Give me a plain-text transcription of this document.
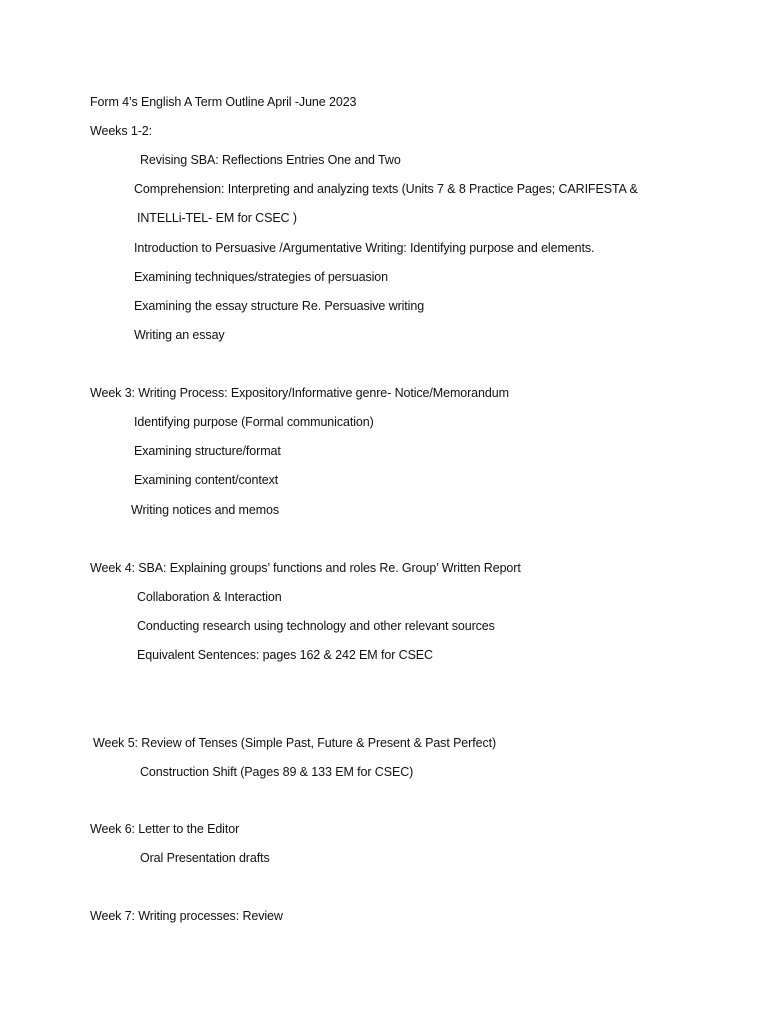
Form 4’s English A Term Outline April -June 2023
Weeks 1-2:
Revising SBA: Reflections Entries One and Two
Comprehension: Interpreting and analyzing texts (Units 7 & 8 Practice Pages; CARIFESTA &
INTELLi-TEL- EM for CSEC )
Introduction to Persuasive /Argumentative Writing: Identifying purpose and elements.
Examining techniques/strategies of persuasion
Examining the essay structure Re. Persuasive writing
Writing an essay
Week 3: Writing Process: Expository/Informative genre- Notice/Memorandum
Identifying purpose (Formal communication)
Examining structure/format
Examining content/context
Writing notices and memos
Week 4: SBA: Explaining groups’ functions and roles Re. Group’ Written Report
Collaboration & Interaction
Conducting research using technology and other relevant sources
Equivalent Sentences: pages 162 & 242 EM for CSEC
Week 5: Review of Tenses (Simple Past, Future & Present & Past Perfect)
Construction Shift (Pages 89 & 133 EM for CSEC)
Week 6: Letter to the Editor
Oral Presentation drafts
Week 7: Writing processes: Review
